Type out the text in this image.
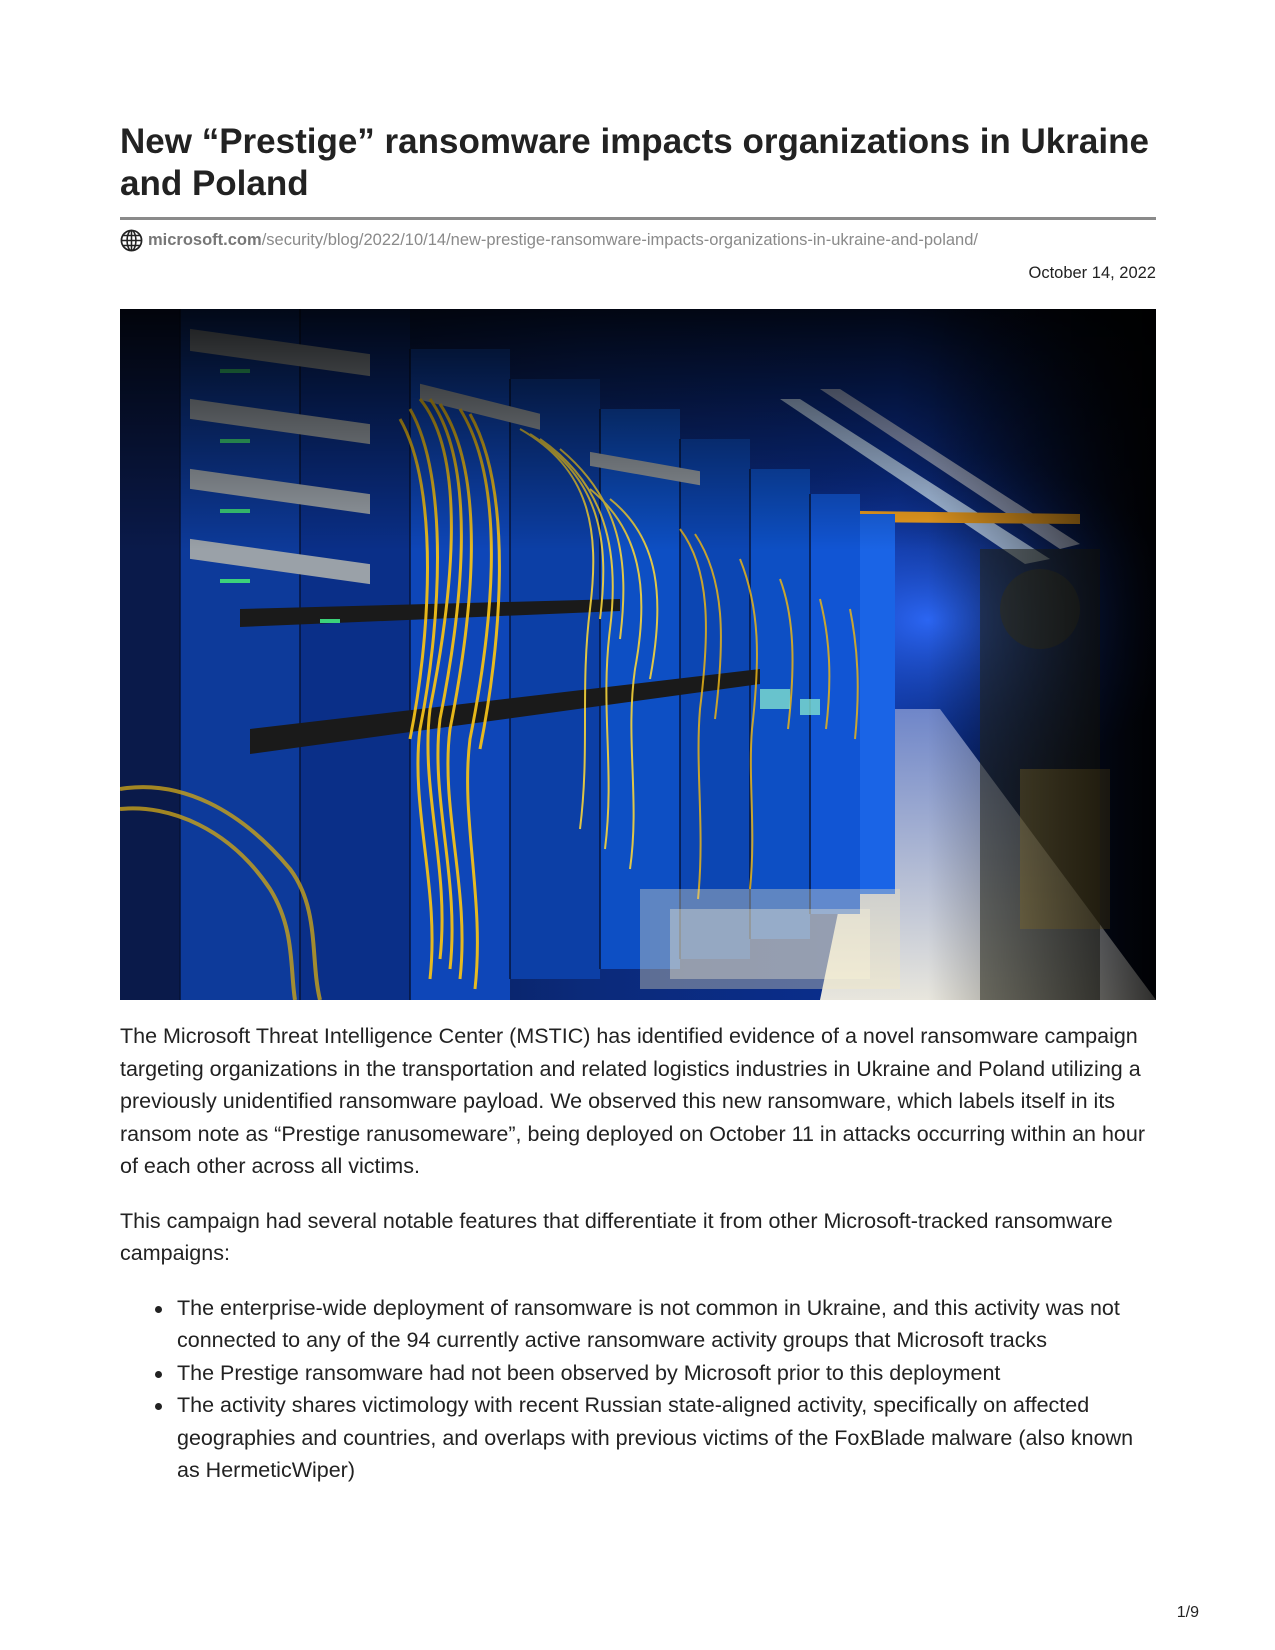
New “Prestige” ransomware impacts organizations in Ukraine and Poland
microsoft.com /security/blog/2022/10/14/new-prestige-ransomware-impacts-organizations-in-ukraine-and-poland/
October 14, 2022

The Microsoft Threat Intelligence Center (MSTIC) has identified evidence of a novel ransomware campaign targeting organizations in the transportation and related logistics industries in Ukraine and Poland utilizing a previously unidentified ransomware payload. We observed this new ransomware, which labels itself in its ransom note as “Prestige ranusomeware”, being deployed on October 11 in attacks occurring within an hour of each other across all victims.

This campaign had several notable features that differentiate it from other Microsoft-tracked ransomware campaigns:

The enterprise-wide deployment of ransomware is not common in Ukraine, and this activity was not connected to any of the 94 currently active ransomware activity groups that Microsoft tracks
The Prestige ransomware had not been observed by Microsoft prior to this deployment
The activity shares victimology with recent Russian state-aligned activity, specifically on affected geographies and countries, and overlaps with previous victims of the FoxBlade malware (also known as HermeticWiper)
1/9
